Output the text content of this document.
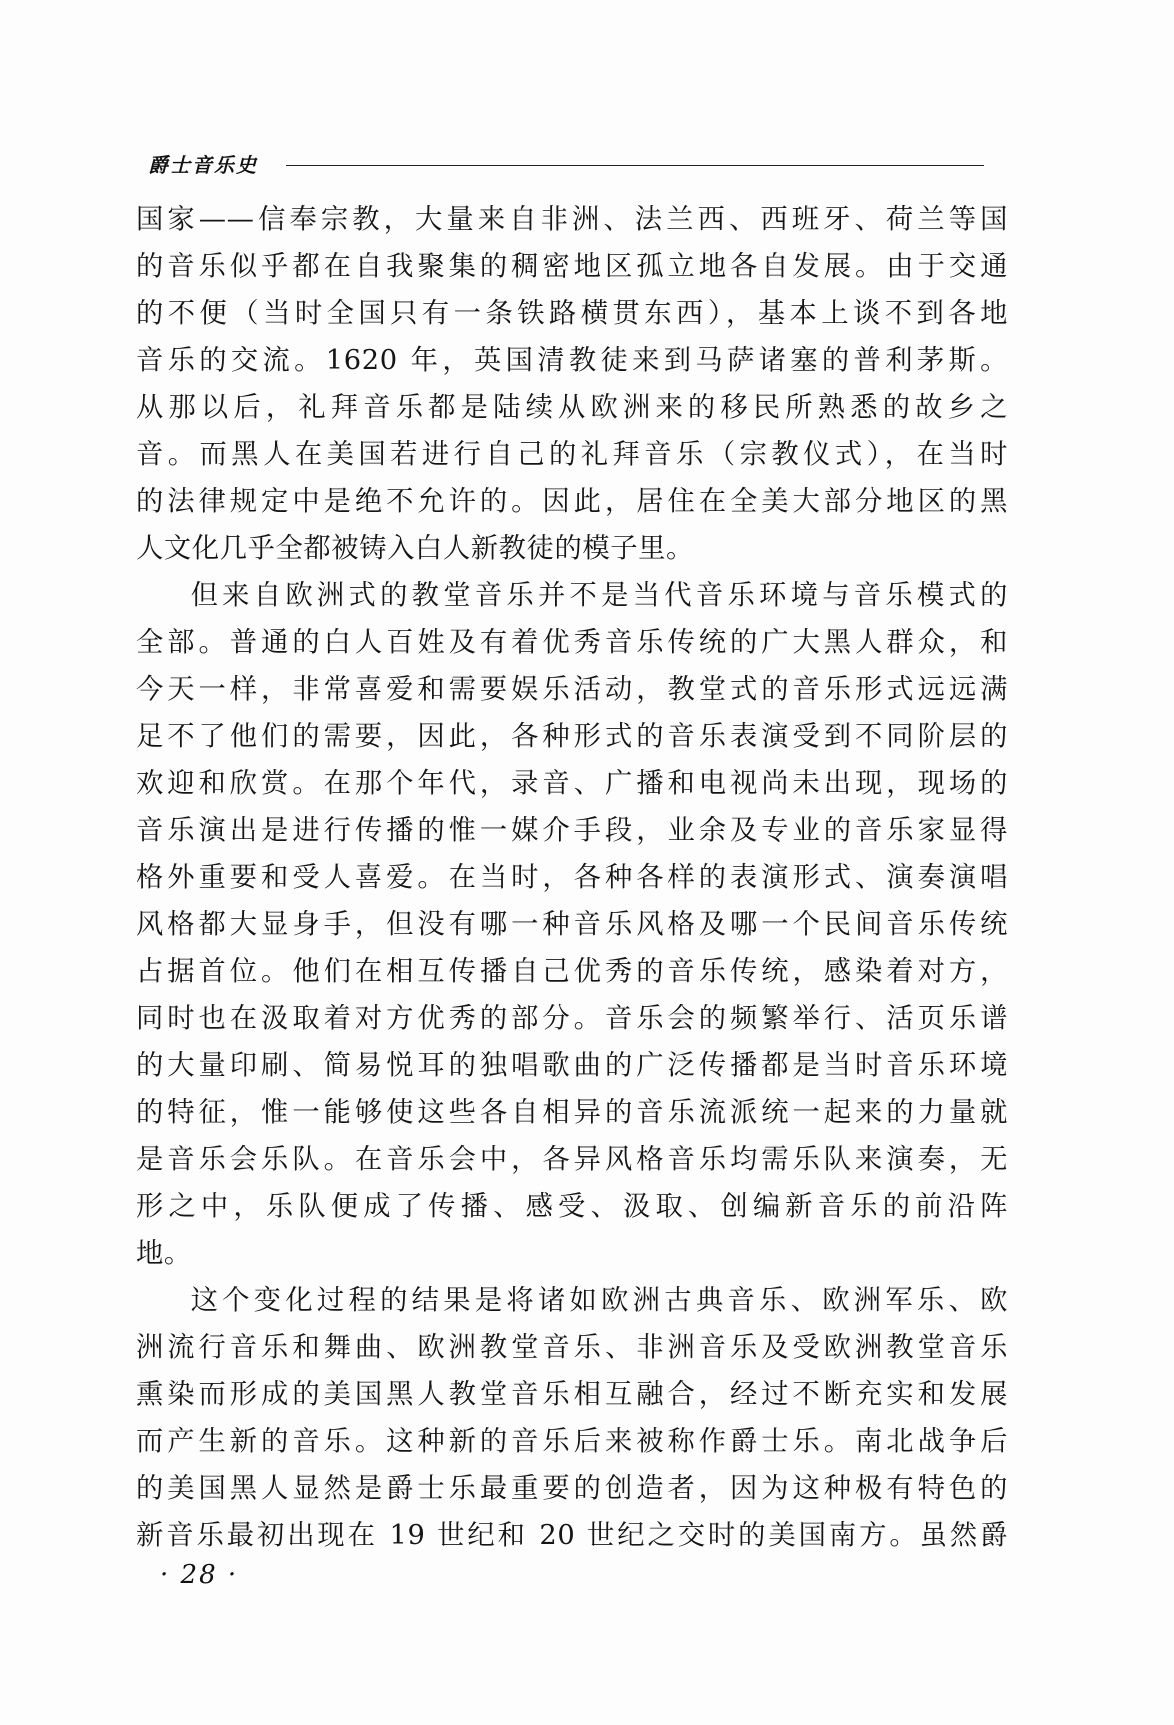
爵士音乐史

国家——信奉宗教，大量来自非洲、法兰西、西班牙、荷兰等国
的音乐似乎都在自我聚集的稠密地区孤立地各自发展。由于交通
的不便（当时全国只有一条铁路横贯东西），基本上谈不到各地
音乐的交流。1620 年，英国清教徒来到马萨诸塞的普利茅斯。
从那以后，礼拜音乐都是陆续从欧洲来的移民所熟悉的故乡之
音。而黑人在美国若进行自己的礼拜音乐（宗教仪式），在当时
的法律规定中是绝不允许的。因此，居住在全美大部分地区的黑
人文化几乎全都被铸入白人新教徒的模子里。

但来自欧洲式的教堂音乐并不是当代音乐环境与音乐模式的
全部。普通的白人百姓及有着优秀音乐传统的广大黑人群众，和
今天一样，非常喜爱和需要娱乐活动，教堂式的音乐形式远远满
足不了他们的需要，因此，各种形式的音乐表演受到不同阶层的
欢迎和欣赏。在那个年代，录音、广播和电视尚未出现，现场的
音乐演出是进行传播的惟一媒介手段，业余及专业的音乐家显得
格外重要和受人喜爱。在当时，各种各样的表演形式、演奏演唱
风格都大显身手，但没有哪一种音乐风格及哪一个民间音乐传统
占据首位。他们在相互传播自己优秀的音乐传统，感染着对方，
同时也在汲取着对方优秀的部分。音乐会的频繁举行、活页乐谱
的大量印刷、简易悦耳的独唱歌曲的广泛传播都是当时音乐环境
的特征，惟一能够使这些各自相异的音乐流派统一起来的力量就
是音乐会乐队。在音乐会中，各异风格音乐均需乐队来演奏，无
形之中，乐队便成了传播、感受、汲取、创编新音乐的前沿阵
地。

这个变化过程的结果是将诸如欧洲古典音乐、欧洲军乐、欧
洲流行音乐和舞曲、欧洲教堂音乐、非洲音乐及受欧洲教堂音乐
熏染而形成的美国黑人教堂音乐相互融合，经过不断充实和发展
而产生新的音乐。这种新的音乐后来被称作爵士乐。南北战争后
的美国黑人显然是爵士乐最重要的创造者，因为这种极有特色的
新音乐最初出现在 19 世纪和 20 世纪之交时的美国南方。虽然爵

· 28 ·
